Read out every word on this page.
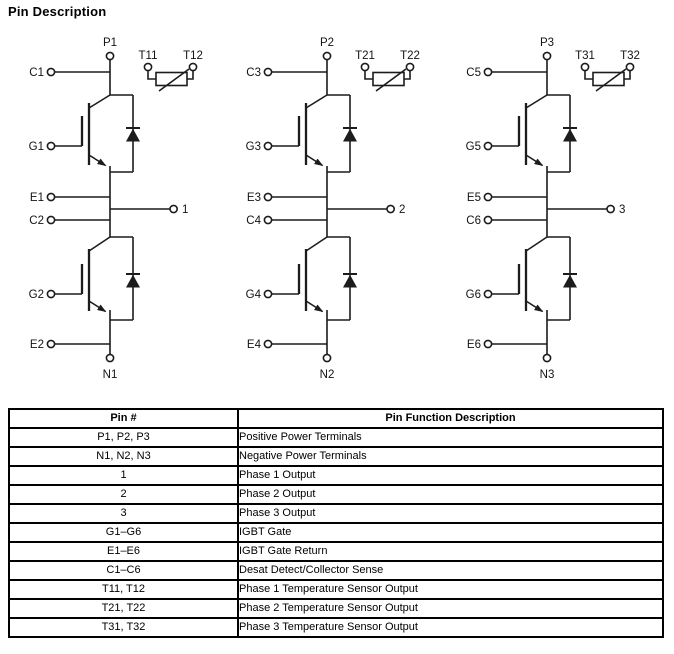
Pin Description
P1
T11 T12
C1
G1
E1
C2
G2
E2
1
N1
P2
T21 T22
C3
G3
E3
C4
G4
E4
2
N2
P3
T31 T32
C5
G5
E5
C6
G6
E6
3
N3
Pin #	Pin Function Description
P1, P2, P3	Positive Power Terminals
N1, N2, N3	Negative Power Terminals
1	Phase 1 Output
2	Phase 2 Output
3	Phase 3 Output
G1–G6	IGBT Gate
E1–E6	IGBT Gate Return
C1–C6	Desat Detect/Collector Sense
T11, T12	Phase 1 Temperature Sensor Output
T21, T22	Phase 2 Temperature Sensor Output
T31, T32	Phase 3 Temperature Sensor Output
